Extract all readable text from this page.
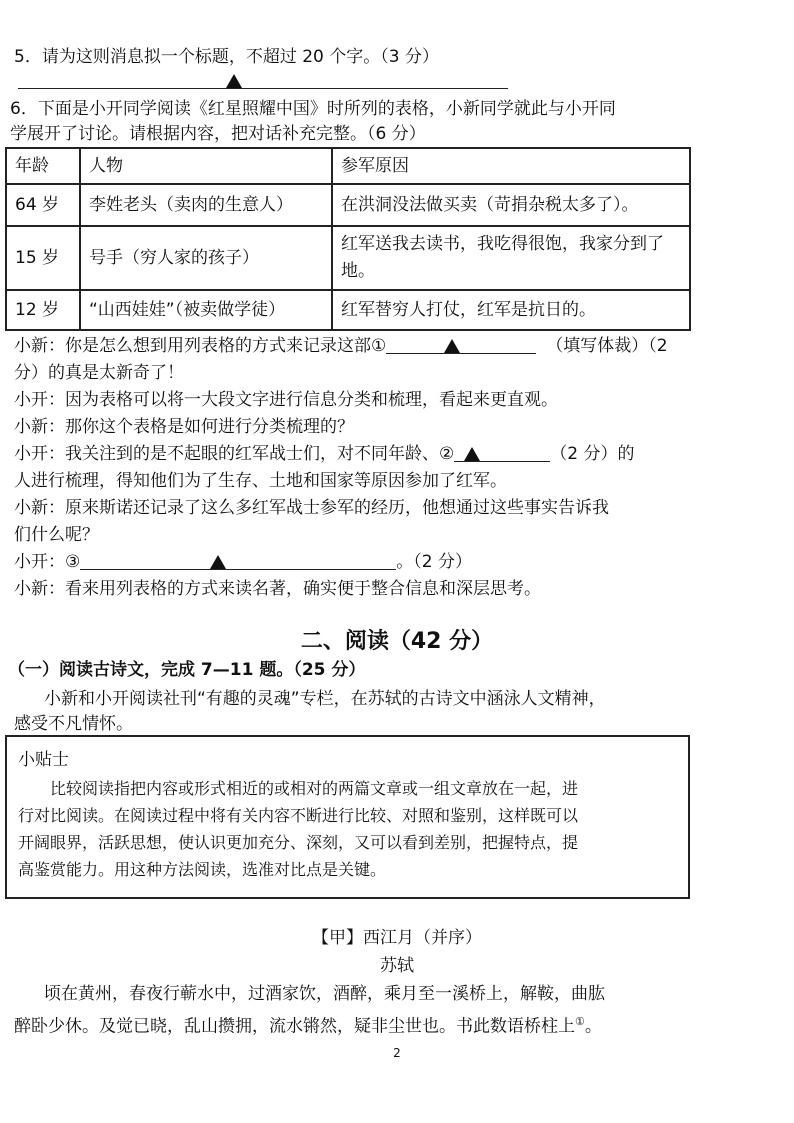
5．请为这则消息拟一个标题，不超过 20 个字。（3 分）
6．下面是小开同学阅读《红星照耀中国》时所列的表格，小新同学就此与小开同
学展开了讨论。请根据内容，把对话补充完整。（6 分）
年龄	人物	参军原因
64 岁	李姓老头（卖肉的生意人）	在洪洞没法做买卖（苛捐杂税太多了）。
15 岁	号手（穷人家的孩子）	红军送我去读书，我吃得很饱，我家分到了地。
12 岁	“山西娃娃”（被卖做学徒）	红军替穷人打仗，红军是抗日的。
小新：你是怎么想到用列表格的方式来记录这部①	（填写体裁）（2
分）的真是太新奇了！
小开：因为表格可以将一大段文字进行信息分类和梳理，看起来更直观。
小新：那你这个表格是如何进行分类梳理的？
小开：我关注到的是不起眼的红军战士们，对不同年龄、②	（2 分）的
人进行梳理，得知他们为了生存、土地和国家等原因参加了红军。
小新：原来斯诺还记录了这么多红军战士参军的经历，他想通过这些事实告诉我
们什么呢？
小开：③	。（2 分）
小新：看来用列表格的方式来读名著，确实便于整合信息和深层思考。
二、阅读（42 分）
（一）阅读古诗文，完成 7—11 题。（25 分）
小新和小开阅读社刊“有趣的灵魂”专栏，在苏轼的古诗文中涵泳人文精神，
感受不凡情怀。
小贴士
比较阅读指把内容或形式相近的或相对的两篇文章或一组文章放在一起，进
行对比阅读。在阅读过程中将有关内容不断进行比较、对照和鉴别，这样既可以
开阔眼界，活跃思想，使认识更加充分、深刻，又可以看到差别，把握特点，提
高鉴赏能力。用这种方法阅读，选准对比点是关键。
【甲】西江月（并序）
苏轼
顷在黄州，春夜行蕲水中，过酒家饮，酒醉，乘月至一溪桥上，解鞍，曲肱
醉卧少休。及觉已晓，乱山攒拥，流水锵然，疑非尘世也。书此数语桥柱上①。
2
